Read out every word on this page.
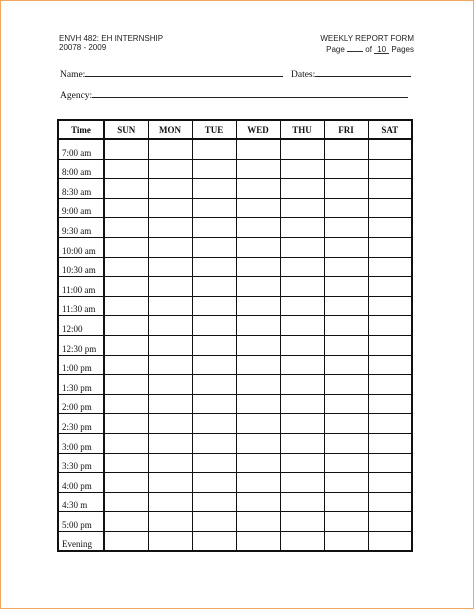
ENVH 482: EH INTERNSHIP
20078 - 2009
WEEKLY REPORT FORM
Page	of 10 Pages
Name:	Dates:
Agency:
Time	SUN	MON	TUE	WED	THU	FRI	SAT
7:00 am							
8:00 am							
8:30 am							
9:00 am							
9:30 am							
10:00 am							
10:30 am							
11:00 am							
11:30 am							
12:00							
12:30 pm							
1:00 pm							
1:30 pm							
2:00 pm							
2:30 pm							
3:00 pm							
3:30 pm							
4:00 pm							
4:30 m							
5:00 pm							
Evening							
